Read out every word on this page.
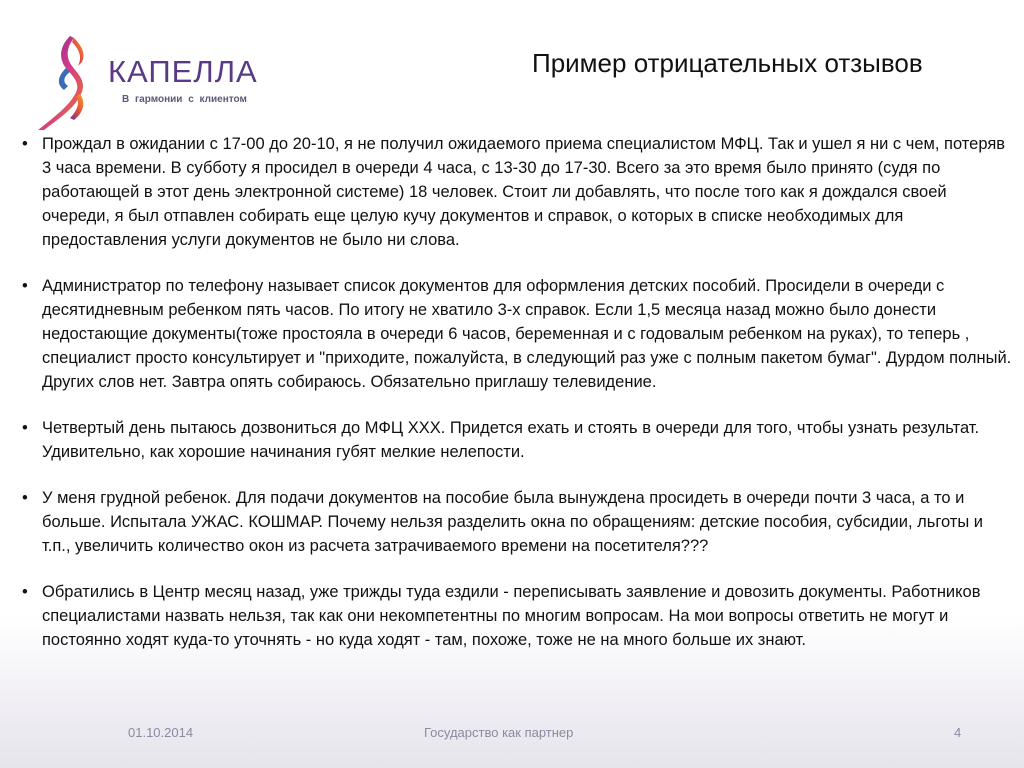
КАПЕЛЛА
В гармонии с клиентом
Пример отрицательных отзывов
• Прождал в ожидании с 17-00 до 20-10, я не получил ожидаемого приема специалистом МФЦ. Так и ушел я ни с чем, потеряв 3 часа времени. В субботу я просидел в очереди 4 часа, с 13-30 до 17-30. Всего за это время было принято (судя по работающей в этот день электронной системе) 18 человек. Стоит ли добавлять, что после того как я дождался своей очереди, я был отпавлен собирать еще целую кучу документов и справок, о которых в списке необходимых для предоставления услуги документов не было ни слова.
• Администратор по телефону называет список документов для оформления детских пособий. Просидели в очереди с десятидневным ребенком пять часов. По итогу не хватило 3-х справок. Если 1,5 месяца назад можно было донести недостающие документы(тоже простояла в очереди 6 часов, беременная и с годовалым ребенком на руках), то теперь , специалист просто консультирует и "приходите, пожалуйста, в следующий раз уже с полным пакетом бумаг". Дурдом полный. Других слов нет. Завтра опять собираюсь. Обязательно приглашу телевидение.
• Четвертый день пытаюсь дозвониться до МФЦ ХХХ. Придется ехать и стоять в очереди для того, чтобы узнать результат. Удивительно, как хорошие начинания губят мелкие нелепости.
• У меня грудной ребенок. Для подачи документов на пособие была вынуждена просидеть в очереди почти 3 часа, а то и больше. Испытала УЖАС. КОШМАР. Почему нельзя разделить окна по обращениям: детские пособия, субсидии, льготы и т.п., увеличить количество окон из расчета затрачиваемого времени на посетителя???
• Обратились в Центр месяц назад, уже трижды туда ездили - переписывать заявление и довозить документы. Работников специалистами назвать нельзя, так как они некомпетентны по многим вопросам. На мои вопросы ответить не могут и постоянно ходят куда-то уточнять - но куда ходят - там, похоже, тоже не на много больше их знают.
01.10.2014	Государство как партнер	4
